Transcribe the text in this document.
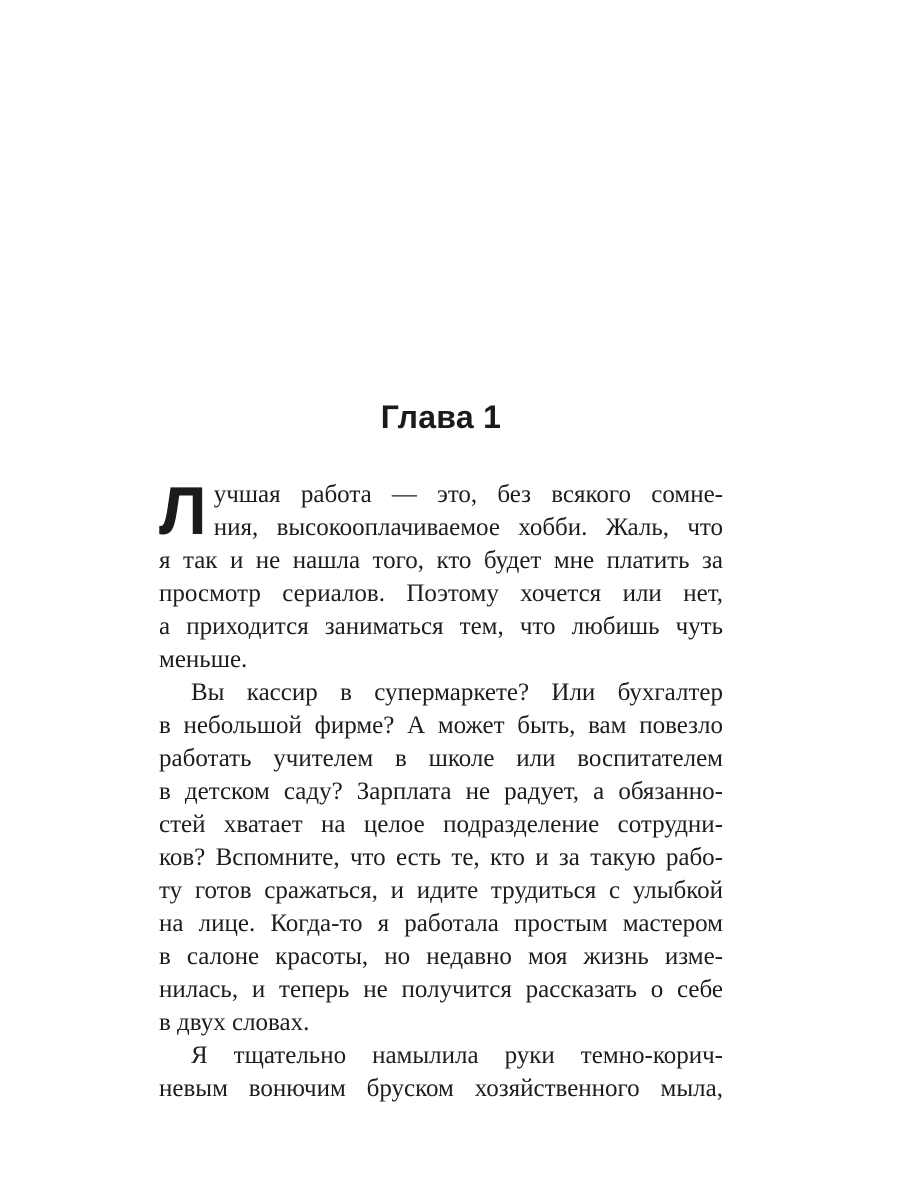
Глава 1
Л учшая работа — это, без всякого сомне-
ния, высокооплачиваемое хобби. Жаль, что
я так и не нашла того, кто будет мне платить за
просмотр сериалов. Поэтому хочется или нет,
а приходится заниматься тем, что любишь чуть
меньше.
Вы кассир в супермаркете? Или бухгалтер
в небольшой фирме? А может быть, вам повезло
работать учителем в школе или воспитателем
в детском саду? Зарплата не радует, а обязанно-
стей хватает на целое подразделение сотрудни-
ков? Вспомните, что есть те, кто и за такую рабо-
ту готов сражаться, и идите трудиться с улыбкой
на лице. Когда-то я работала простым мастером
в салоне красоты, но недавно моя жизнь изме-
нилась, и теперь не получится рассказать о себе
в двух словах.
Я тщательно намылила руки темно-корич-
невым вонючим бруском хозяйственного мыла,
